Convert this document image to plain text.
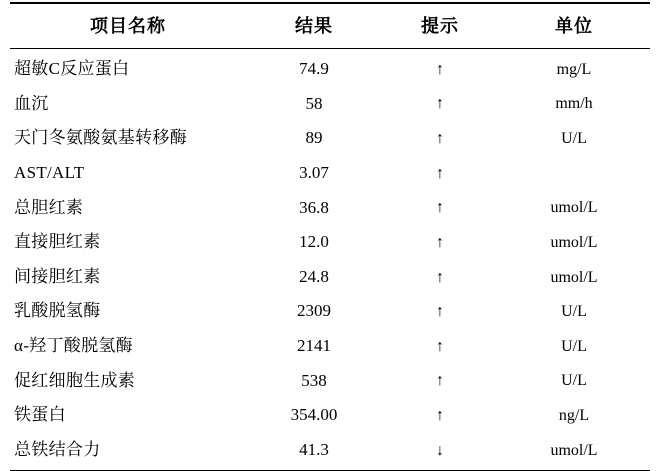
项目名称	结果	提示	单位
超敏C反应蛋白	74.9	↑	mg/L
血沉	58	↑	mm/h
天门冬氨酸氨基转移酶	89	↑	U/L
AST/ALT	3.07	↑	
总胆红素	36.8	↑	umol/L
直接胆红素	12.0	↑	umol/L
间接胆红素	24.8	↑	umol/L
乳酸脱氢酶	2309	↑	U/L
α-羟丁酸脱氢酶	2141	↑	U/L
促红细胞生成素	538	↑	U/L
铁蛋白	354.00	↑	ng/L
总铁结合力	41.3	↓	umol/L
